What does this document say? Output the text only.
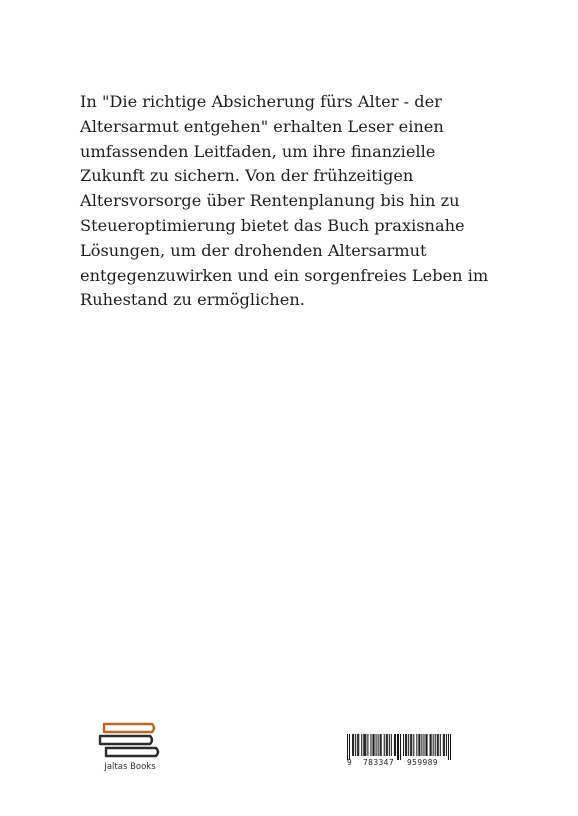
In "Die richtige Absicherung fürs Alter - der
Altersarmut entgehen" erhalten Leser einen
umfassenden Leitfaden, um ihre finanzielle
Zukunft zu sichern. Von der frühzeitigen
Altersvorsorge über Rentenplanung bis hin zu
Steueroptimierung bietet das Buch praxisnahe
Lösungen, um der drohenden Altersarmut
entgegenzuwirken und ein sorgenfreies Leben im
Ruhestand zu ermöglichen.
Jaltas Books	9 783347 959989
